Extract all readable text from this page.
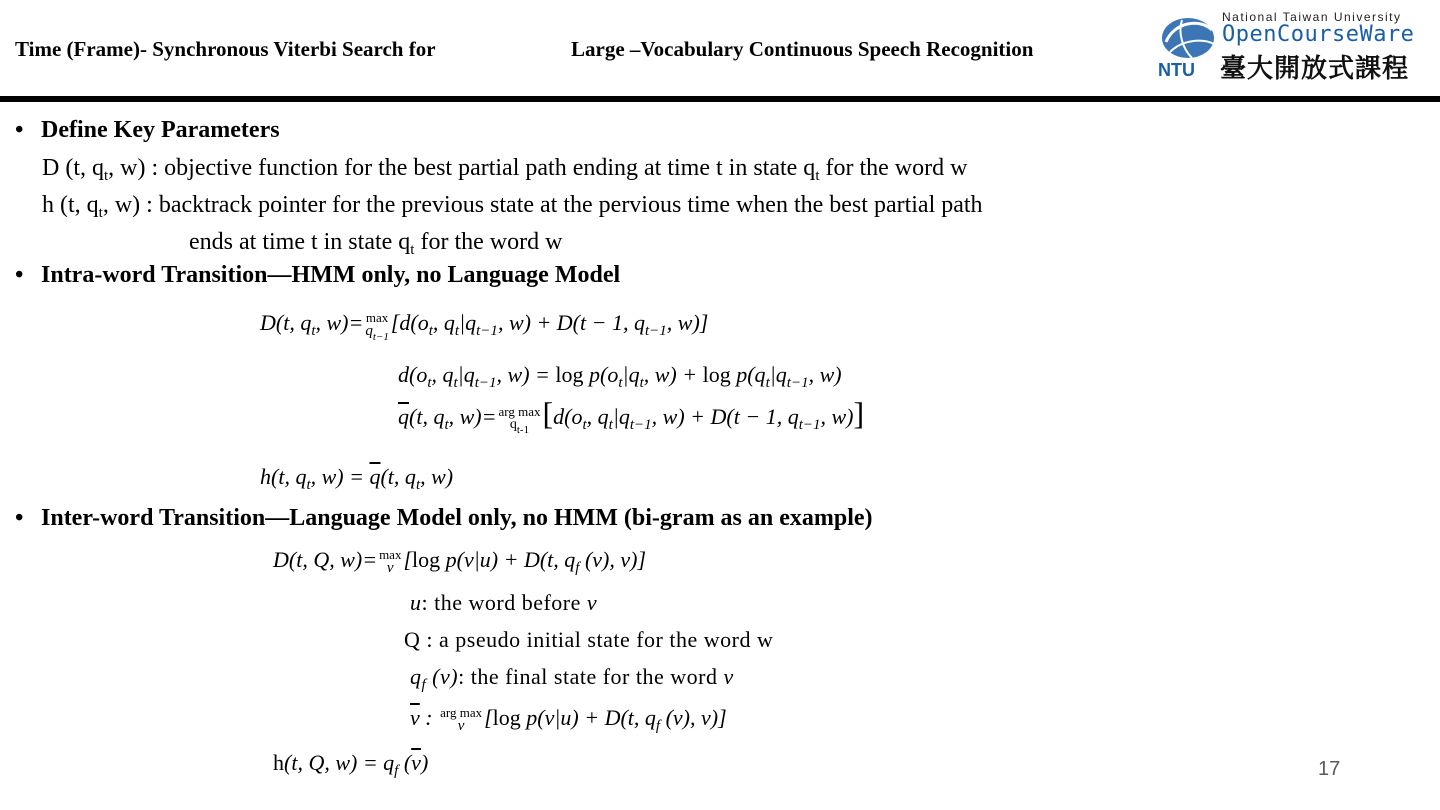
Time (Frame)- Synchronous Viterbi Search for	Large –Vocabulary Continuous Speech Recognition
NTU
National Taiwan University
OpenCourseWare
臺大開放式課程
• Define Key Parameters
D (t, $q_t$, w) : objective function for the best partial path ending at time t in state $q_t$ for the word w
h (t, $q_t$, w) : backtrack pointer for the previous state at the pervious time when the best partial path
ends at time t in state $q_t$ for the word w
• Intra-word Transition―HMM only, no Language Model
D(t, $q_t$, w)= max
$q_{t-1}$
[$d(o_t$, $q_t|q_{t-1}$, w) + D(t − 1, $q_{t-1}$, w)]
$d(o_t$, $q_t|q_{t-1}$, $w) = \log p(o_t|q_t$, $w) + \log p(q_t|q_{t-1}$, w)
$\overline{q}(t$, $q_t$, w)= arg max
$q_{t-1}$ [$d(o_t$, $q_t|q_{t-1}$, w) + D(t − 1, $q_{t-1}$, w)]
h(t, $q_t$, $w) = \overline{q}(t$, $q_t$, w)
• Inter-word Transition―Language Model only, no HMM (bi-gram as an example)
D(t, Q, w)= max
v [log p(v|u) + D(t, $q_f$ (v), v)]
u: the word before v
Q : a pseudo initial state for the word w
$q_f$ (v): the final state for the word v
$\overline{v}$ : arg max
v [log p(v|u) + D(t, $q_f$ (v), v)]
h(t, Q, $w) = q_f$ $(\overline{v})$	17
